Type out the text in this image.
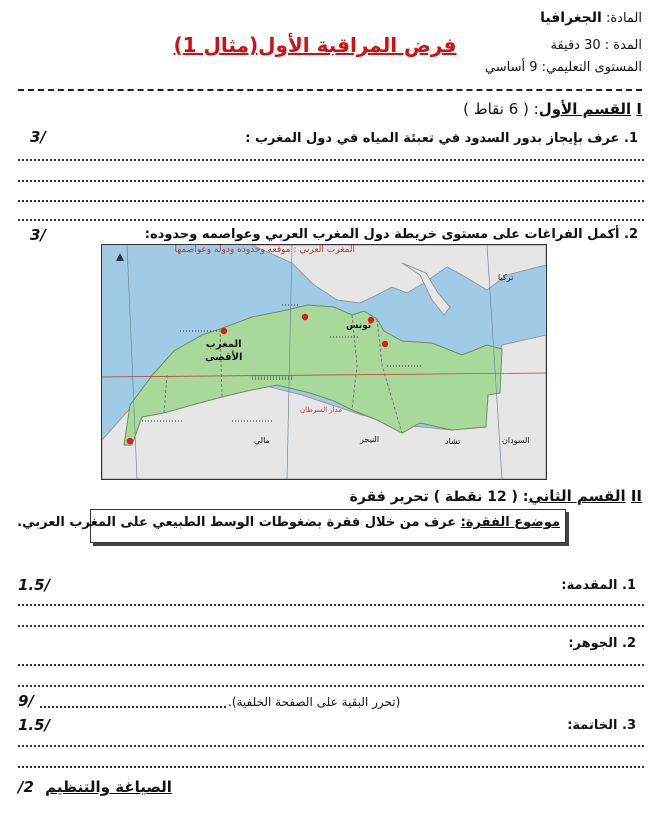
المادة: الجغرافيا
المدة : 30 دقيقة
المستوى التعليمي: 9 أساسي
فرض المراقبة الأول(مثال 1)
I القسم الأول: ( 6 نقاط )
1. عرف بإيجاز بدور السدود في تعبئة المياه في دول المغرب :
3/
2. أكمل الفراغات على مستوى خريطة دول المغرب العربي وعواصمه وحدوده:
3/
المغرب العربي : موقعه وحدوده ودوله وعواصمها
المغرب
الأقصى
تونس
مالي	النيجر	تشاد	السودان
تركيا
مدار السرطان
II القسم الثاني: ( 12 نقطة ) تحرير فقرة
موضوع الفقرة: عرف من خلال فقرة بضغوطات الوسط الطبيعي على المغرب العربي.
1. المقدمة:
1.5/
2. الجوهر:
(تحرر البقية على الصفحة الخلفية).
9/
3. الخاتمة:
1.5/
الصياغة والتنظيم 2/
